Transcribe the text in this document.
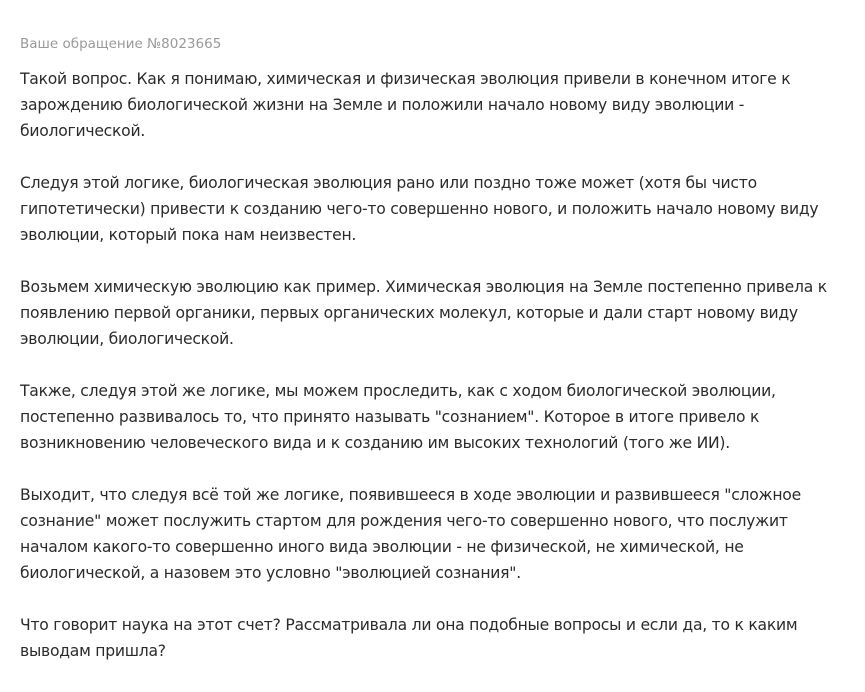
Ваше обращение №8023665

Такой вопрос. Как я понимаю, химическая и физическая эволюция привели в конечном итоге к зарождению биологической жизни на Земле и положили начало новому виду эволюции - биологической.

Следуя этой логике, биологическая эволюция рано или поздно тоже может (хотя бы чисто гипотетически) привести к созданию чего-то совершенно нового, и положить начало новому виду эволюции, который пока нам неизвестен.

Возьмем химическую эволюцию как пример. Химическая эволюция на Земле постепенно привела к появлению первой органики, первых органических молекул, которые и дали старт новому виду эволюции, биологической.

Также, следуя этой же логике, мы можем проследить, как с ходом биологической эволюции, постепенно развивалось то, что принято называть "сознанием". Которое в итоге привело к возникновению человеческого вида и к созданию им высоких технологий (того же ИИ).

Выходит, что следуя всё той же логике, появившееся в ходе эволюции и развившееся "сложное сознание" может послужить стартом для рождения чего-то совершенно нового, что послужит началом какого-то совершенно иного вида эволюции - не физической, не химической, не биологической, а назовем это условно "эволюцией сознания".

Что говорит наука на этот счет? Рассматривала ли она подобные вопросы и если да, то к каким выводам пришла?
